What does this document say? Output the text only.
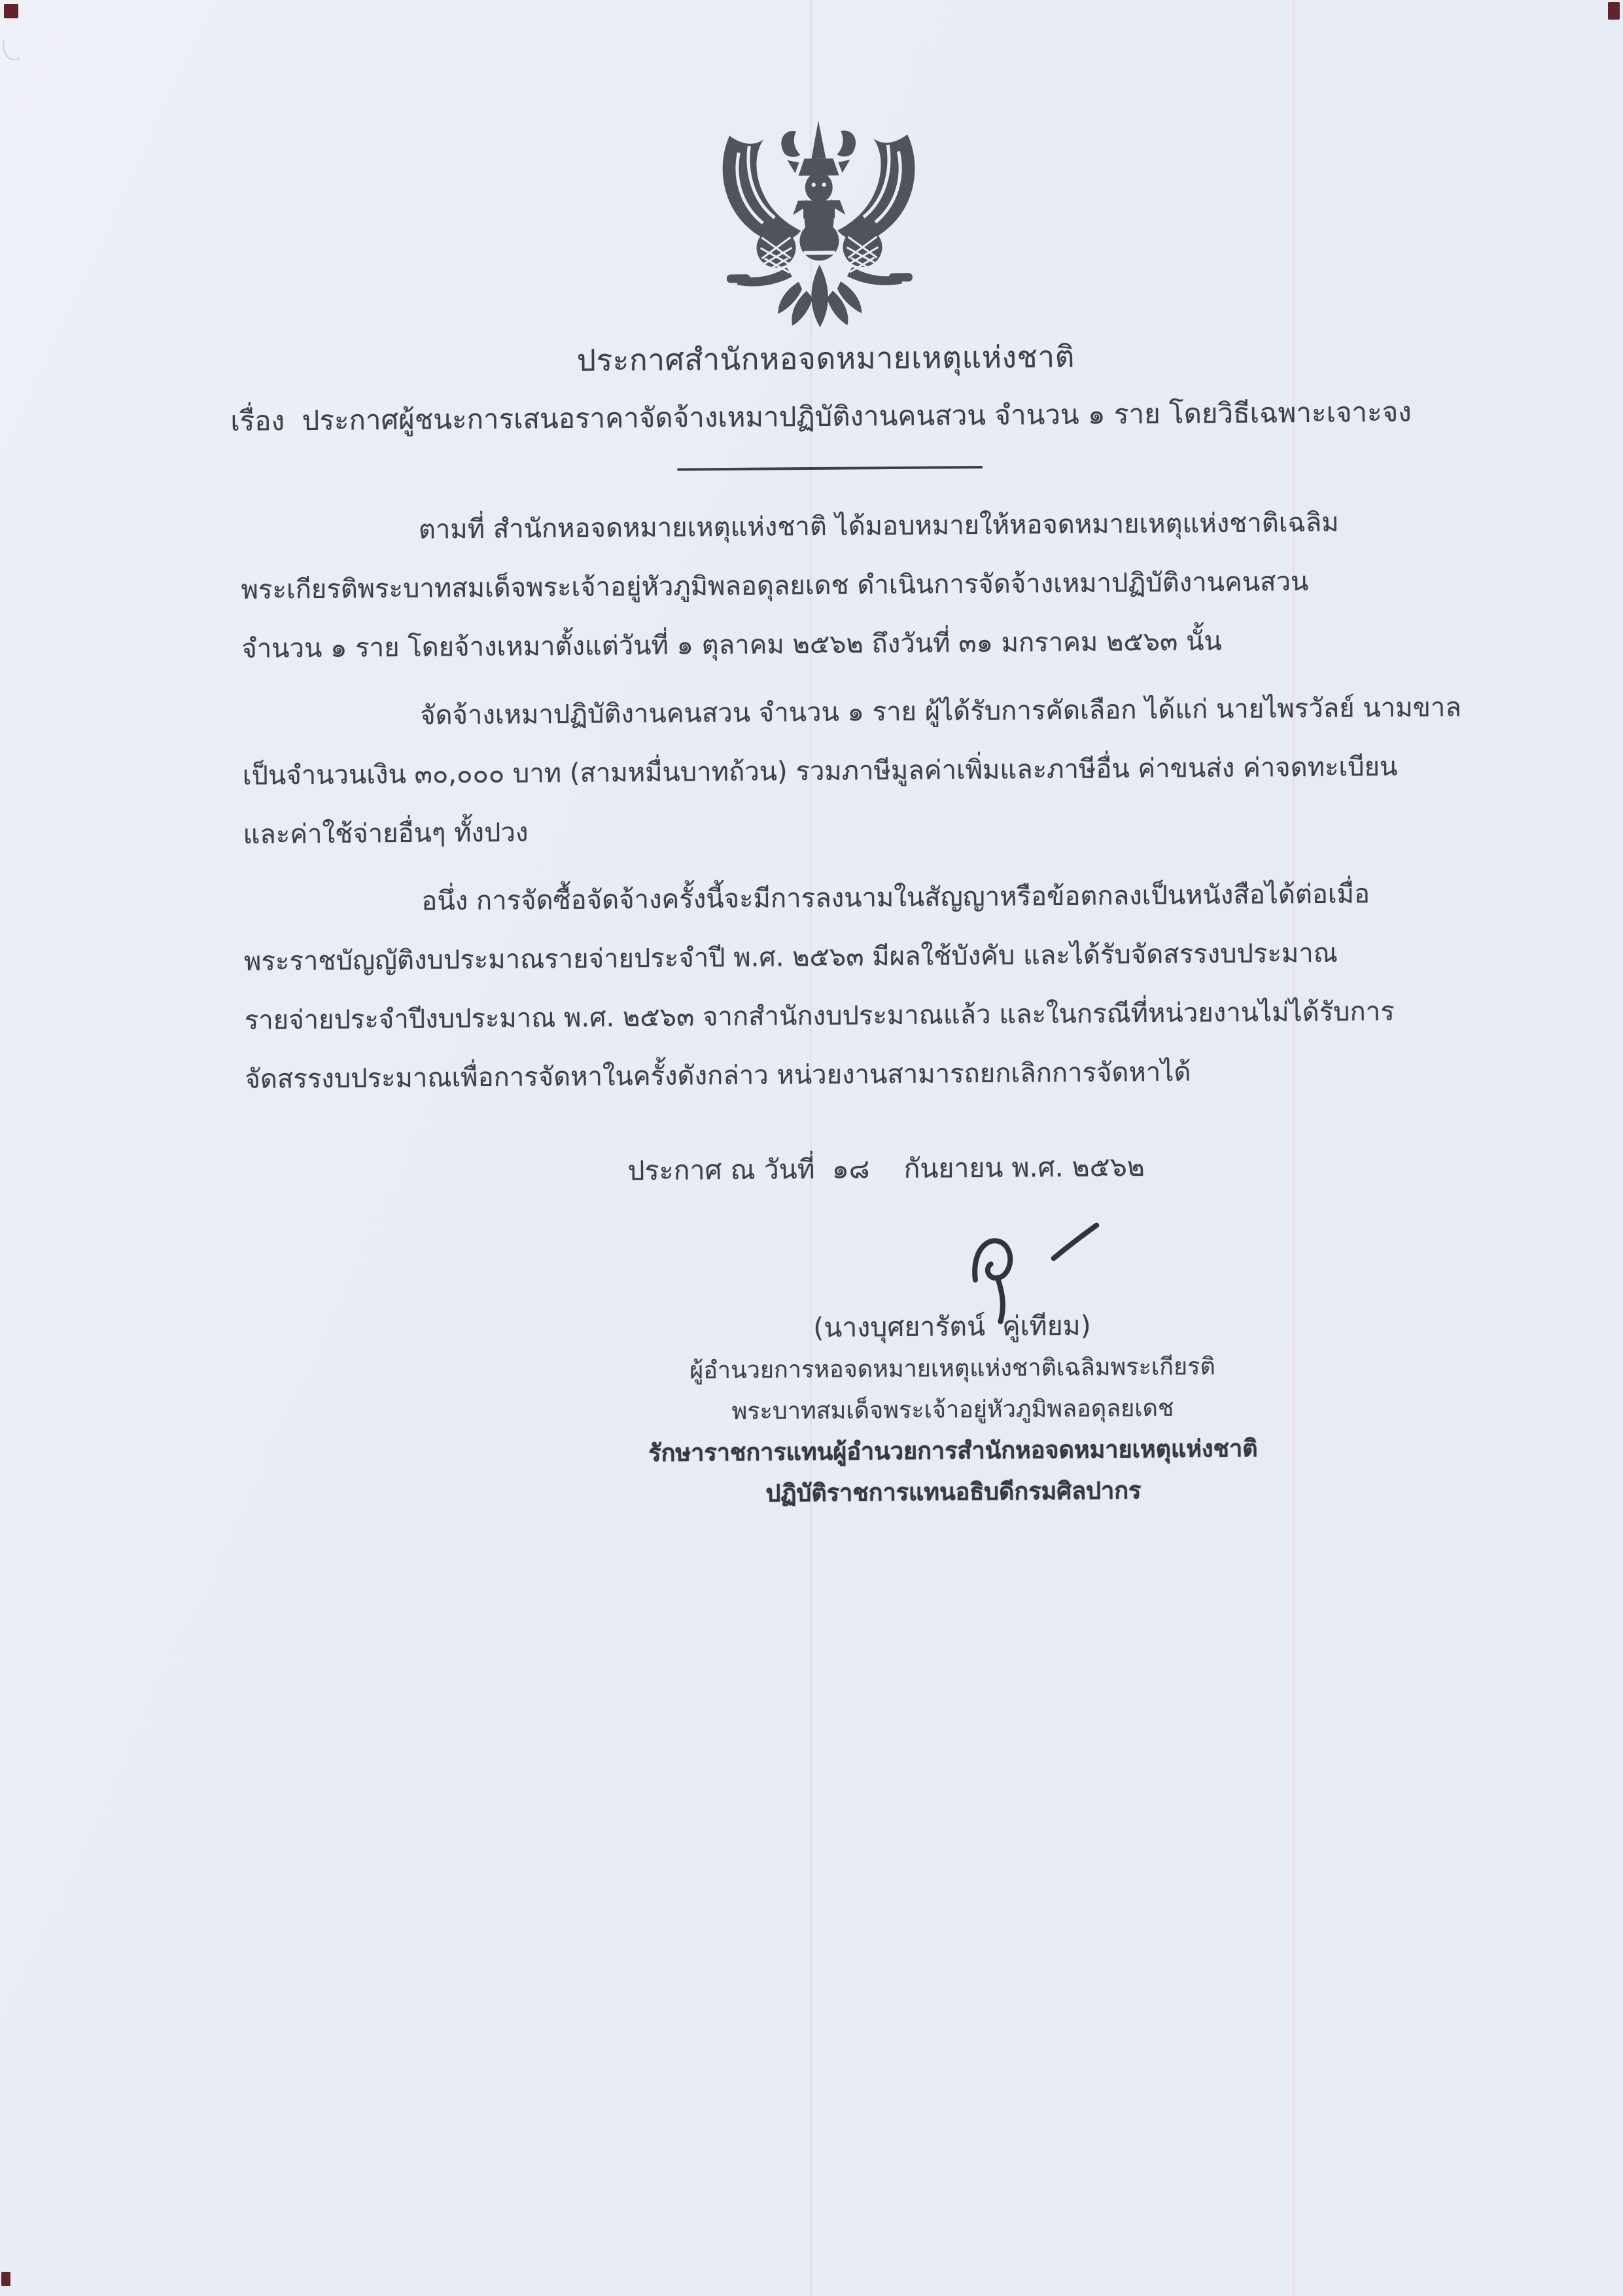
ประกาศสำนักหอจดหมายเหตุแห่งชาติ
เรื่อง  ประกาศผู้ชนะการเสนอราคาจัดจ้างเหมาปฏิบัติงานคนสวน จำนวน ๑ ราย โดยวิธีเฉพาะเจาะจง
ตามที่ สำนักหอจดหมายเหตุแห่งชาติ ได้มอบหมายให้หอจดหมายเหตุแห่งชาติเฉลิม
พระเกียรติพระบาทสมเด็จพระเจ้าอยู่หัวภูมิพลอดุลยเดช ดำเนินการจัดจ้างเหมาปฏิบัติงานคนสวน
จำนวน ๑ ราย โดยจ้างเหมาตั้งแต่วันที่ ๑ ตุลาคม ๒๕๖๒ ถึงวันที่ ๓๑ มกราคม ๒๕๖๓ นั้น
จัดจ้างเหมาปฏิบัติงานคนสวน จำนวน ๑ ราย ผู้ได้รับการคัดเลือก ได้แก่ นายไพรวัลย์ นามขาล
เป็นจำนวนเงิน ๓๐,๐๐๐ บาท (สามหมื่นบาทถ้วน) รวมภาษีมูลค่าเพิ่มและภาษีอื่น ค่าขนส่ง ค่าจดทะเบียน
และค่าใช้จ่ายอื่นๆ ทั้งปวง
อนึ่ง การจัดซื้อจัดจ้างครั้งนี้จะมีการลงนามในสัญญาหรือข้อตกลงเป็นหนังสือได้ต่อเมื่อ
พระราชบัญญัติงบประมาณรายจ่ายประจำปี พ.ศ. ๒๕๖๓ มีผลใช้บังคับ และได้รับจัดสรรงบประมาณ
รายจ่ายประจำปีงบประมาณ พ.ศ. ๒๕๖๓ จากสำนักงบประมาณแล้ว และในกรณีที่หน่วยงานไม่ได้รับการ
จัดสรรงบประมาณเพื่อการจัดหาในครั้งดังกล่าว หน่วยงานสามารถยกเลิกการจัดหาได้
ประกาศ ณ วันที่  ๑๘    กันยายน พ.ศ. ๒๕๖๒
(นางบุศยารัตน์  คู่เทียม)
ผู้อำนวยการหอจดหมายเหตุแห่งชาติเฉลิมพระเกียรติ
พระบาทสมเด็จพระเจ้าอยู่หัวภูมิพลอดุลยเดช
รักษาราชการแทนผู้อำนวยการสำนักหอจดหมายเหตุแห่งชาติ
ปฏิบัติราชการแทนอธิบดีกรมศิลปากร
